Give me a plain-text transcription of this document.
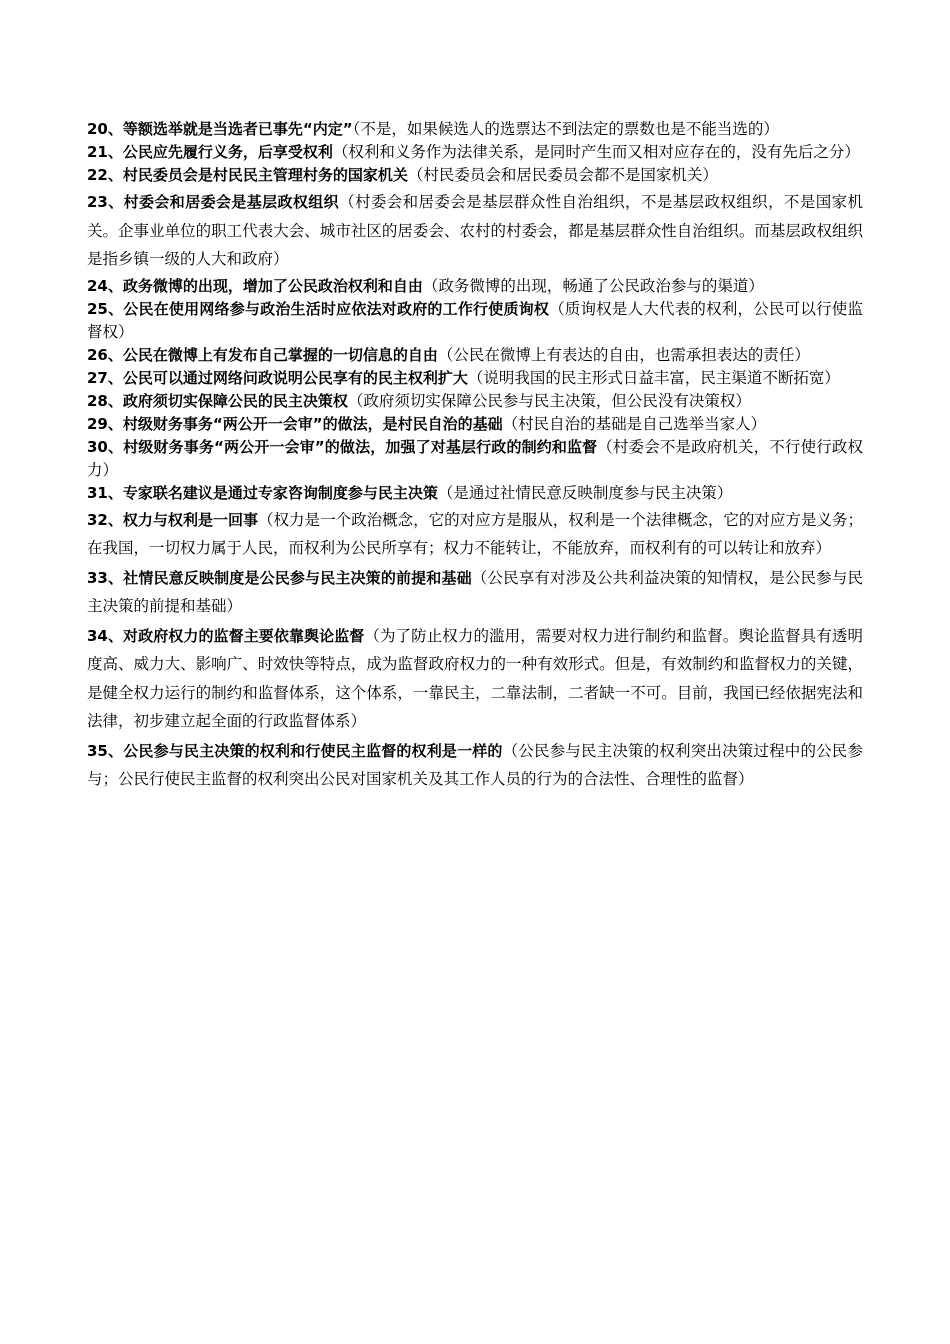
20、等额选举就是当选者已事先“内定”（不是，如果候选人的选票达不到法定的票数也是不能当选的）

21、公民应先履行义务，后享受权利（权利和义务作为法律关系，是同时产生而又相对应存在的，没有先后之分）

22、村民委员会是村民民主管理村务的国家机关（村民委员会和居民委员会都不是国家机关）

23、村委会和居委会是基层政权组织（村委会和居委会是基层群众性自治组织，不是基层政权组织，不是国家机关。企事业单位的职工代表大会、城市社区的居委会、农村的村委会，都是基层群众性自治组织。而基层政权组织是指乡镇一级的人大和政府）

24、政务微博的出现，增加了公民政治权利和自由（政务微博的出现，畅通了公民政治参与的渠道）

25、公民在使用网络参与政治生活时应依法对政府的工作行使质询权（质询权是人大代表的权利，公民可以行使监督权）

26、公民在微博上有发布自己掌握的一切信息的自由（公民在微博上有表达的自由，也需承担表达的责任）

27、公民可以通过网络问政说明公民享有的民主权利扩大（说明我国的民主形式日益丰富，民主渠道不断拓宽）

28、政府须切实保障公民的民主决策权（政府须切实保障公民参与民主决策，但公民没有决策权）

29、村级财务事务“两公开一会审”的做法，是村民自治的基础（村民自治的基础是自己选举当家人）

30、村级财务事务“两公开一会审”的做法，加强了对基层行政的制约和监督（村委会不是政府机关，不行使行政权力）

31、专家联名建议是通过专家咨询制度参与民主决策（是通过社情民意反映制度参与民主决策）

32、权力与权利是一回事（权力是一个政治概念，它的对应方是服从，权利是一个法律概念，它的对应方是义务；在我国，一切权力属于人民，而权利为公民所享有；权力不能转让，不能放弃，而权利有的可以转让和放弃）

33、社情民意反映制度是公民参与民主决策的前提和基础（公民享有对涉及公共利益决策的知情权，是公民参与民主决策的前提和基础）

34、对政府权力的监督主要依靠舆论监督（为了防止权力的滥用，需要对权力进行制约和监督。舆论监督具有透明度高、威力大、影响广、时效快等特点，成为监督政府权力的一种有效形式。但是，有效制约和监督权力的关键，是健全权力运行的制约和监督体系，这个体系，一靠民主，二靠法制，二者缺一不可。目前，我国已经依据宪法和法律，初步建立起全面的行政监督体系）

35、公民参与民主决策的权利和行使民主监督的权利是一样的（公民参与民主决策的权利突出决策过程中的公民参与；公民行使民主监督的权利突出公民对国家机关及其工作人员的行为的合法性、合理性的监督）
